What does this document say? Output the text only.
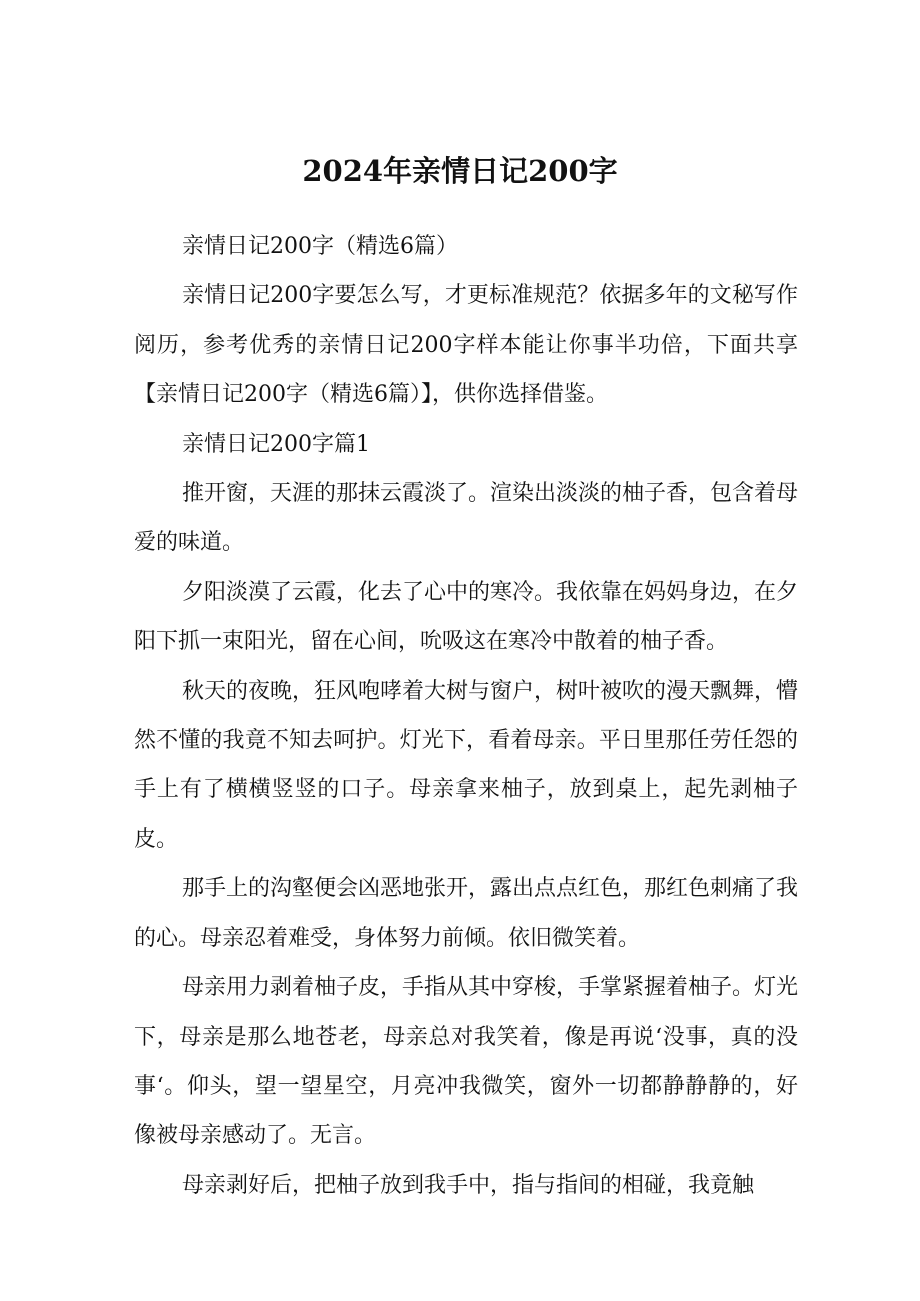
2024年亲情日记200字

亲情日记200字（精选6篇）

亲情日记200字要怎么写，才更标准规范？依据多年的文秘写作阅历，参考优秀的亲情日记200字样本能让你事半功倍，下面共享【亲情日记200字（精选6篇）】，供你选择借鉴。

亲情日记200字篇1

推开窗，天涯的那抹云霞淡了。渲染出淡淡的柚子香，包含着母爱的味道。

夕阳淡漠了云霞，化去了心中的寒冷。我依靠在妈妈身边，在夕阳下抓一束阳光，留在心间，吮吸这在寒冷中散着的柚子香。

秋天的夜晚，狂风咆哮着大树与窗户，树叶被吹的漫天飘舞，懵然不懂的我竟不知去呵护。灯光下，看着母亲。平日里那任劳任怨的手上有了横横竖竖的口子。母亲拿来柚子，放到桌上，起先剥柚子皮。

那手上的沟壑便会凶恶地张开，露出点点红色，那红色刺痛了我的心。母亲忍着难受，身体努力前倾。依旧微笑着。

母亲用力剥着柚子皮，手指从其中穿梭，手掌紧握着柚子。灯光下，母亲是那么地苍老，母亲总对我笑着，像是再说‘没事，真的没事‘。仰头，望一望星空，月亮冲我微笑，窗外一切都静静静的，好像被母亲感动了。无言。

母亲剥好后，把柚子放到我手中，指与指间的相碰，我竟触
